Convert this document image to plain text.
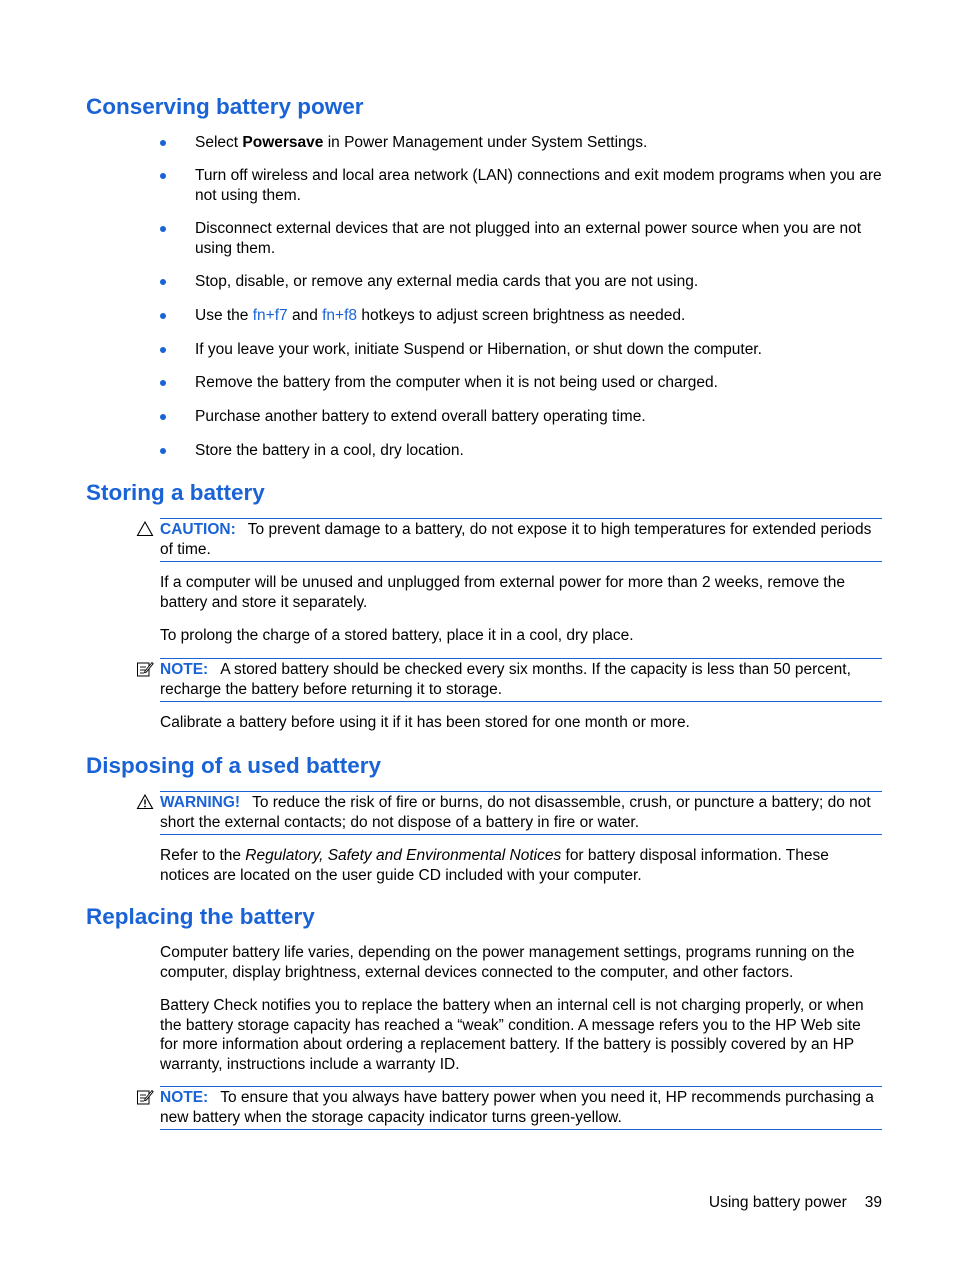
Conserving battery power
Select Powersave in Power Management under System Settings.
Turn off wireless and local area network (LAN) connections and exit modem programs when you are not using them.
Disconnect external devices that are not plugged into an external power source when you are not using them.
Stop, disable, or remove any external media cards that you are not using.
Use the fn+f7 and fn+f8 hotkeys to adjust screen brightness as needed.
If you leave your work, initiate Suspend or Hibernation, or shut down the computer.
Remove the battery from the computer when it is not being used or charged.
Purchase another battery to extend overall battery operating time.
Store the battery in a cool, dry location.
Storing a battery
CAUTION: To prevent damage to a battery, do not expose it to high temperatures for extended periods of time.

If a computer will be unused and unplugged from external power for more than 2 weeks, remove the battery and store it separately.

To prolong the charge of a stored battery, place it in a cool, dry place.

NOTE: A stored battery should be checked every six months. If the capacity is less than 50 percent, recharge the battery before returning it to storage.

Calibrate a battery before using it if it has been stored for one month or more.

Disposing of a used battery
WARNING! To reduce the risk of fire or burns, do not disassemble, crush, or puncture a battery; do not short the external contacts; do not dispose of a battery in fire or water.

Refer to the Regulatory, Safety and Environmental Notices for battery disposal information. These notices are located on the user guide CD included with your computer.

Replacing the battery

Computer battery life varies, depending on the power management settings, programs running on the computer, display brightness, external devices connected to the computer, and other factors.

Battery Check notifies you to replace the battery when an internal cell is not charging properly, or when the battery storage capacity has reached a “weak” condition. A message refers you to the HP Web site for more information about ordering a replacement battery. If the battery is possibly covered by an HP warranty, instructions include a warranty ID.

NOTE: To ensure that you always have battery power when you need it, HP recommends purchasing a new battery when the storage capacity indicator turns green-yellow.
Using battery power 39
